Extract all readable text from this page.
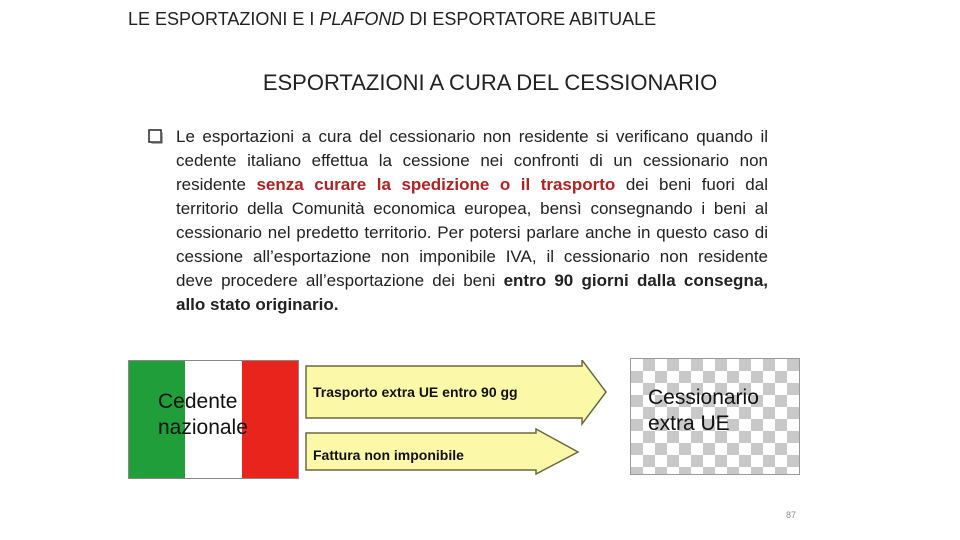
LE ESPORTAZIONI E I PLAFOND DI ESPORTATORE ABITUALE
ESPORTAZIONI A CURA DEL CESSIONARIO

Le esportazioni a cura del cessionario non residente si verificano quando il cedente italiano effettua la cessione nei confronti di un cessionario non residente senza curare la spedizione o il trasporto dei beni fuori dal territorio della Comunità economica europea, bensì consegnando i beni al cessionario nel predetto territorio. Per potersi parlare anche in questo caso di cessione all’esportazione non imponibile IVA, il cessionario non residente deve procedere all’esportazione dei beni entro 90 giorni dalla consegna, allo stato originario.

Cedente
nazionale
Trasporto extra UE entro 90 gg
Fattura non imponibile
Cessionario
extra UE
87
